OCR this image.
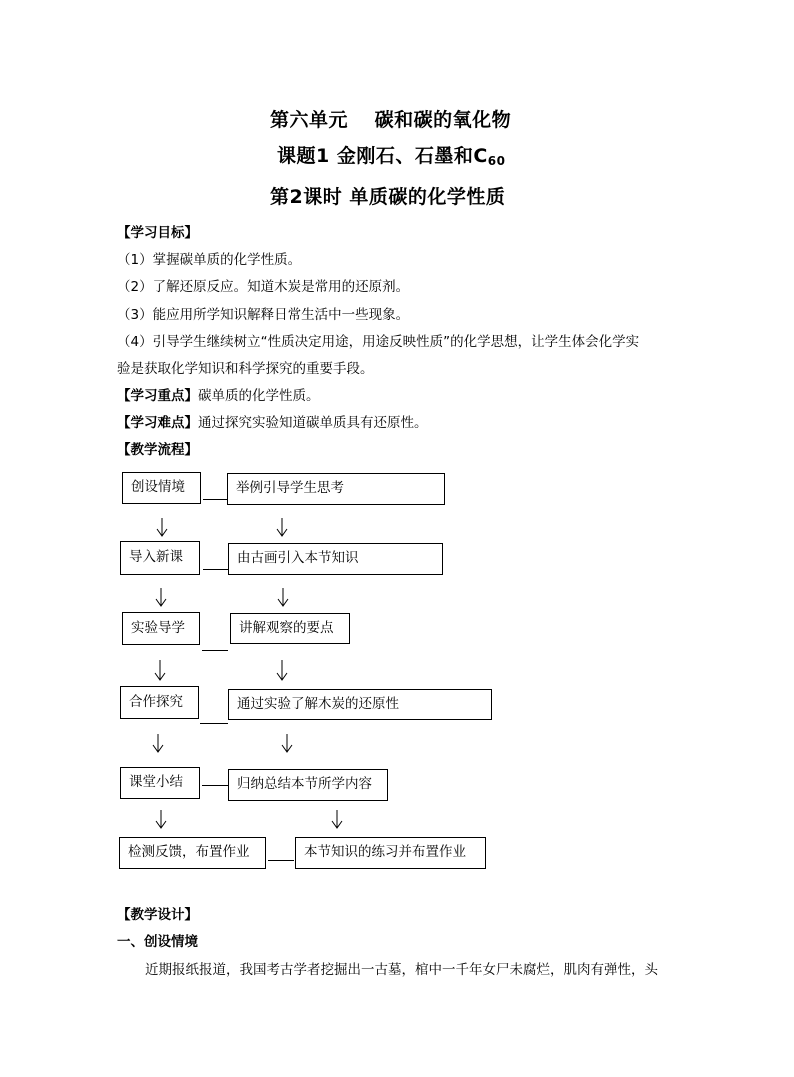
第六单元　 碳和碳的氧化物
课题1 金刚石、石墨和$C_{60}$
第2课时 单质碳的化学性质
【学习目标】
（1）掌握碳单质的化学性质。
（2）了解还原反应。知道木炭是常用的还原剂。
（3）能应用所学知识解释日常生活中一些现象。
（4）引导学生继续树立“性质决定用途，用途反映性质”的化学思想，让学生体会化学实
验是获取化学知识和科学探究的重要手段。
【学习重点】碳单质的化学性质。
【学习难点】通过探究实验知道碳单质具有还原性。
【教学流程】
创设情境	举例引导学生思考
导入新课	由古画引入本节知识
实验导学	讲解观察的要点
合作探究	通过实验了解木炭的还原性
课堂小结	归纳总结本节所学内容
检测反馈，布置作业	本节知识的练习并布置作业
【教学设计】
一、创设情境
近期报纸报道，我国考古学者挖掘出一古墓，棺中一千年女尸未腐烂，肌肉有弹性，头
